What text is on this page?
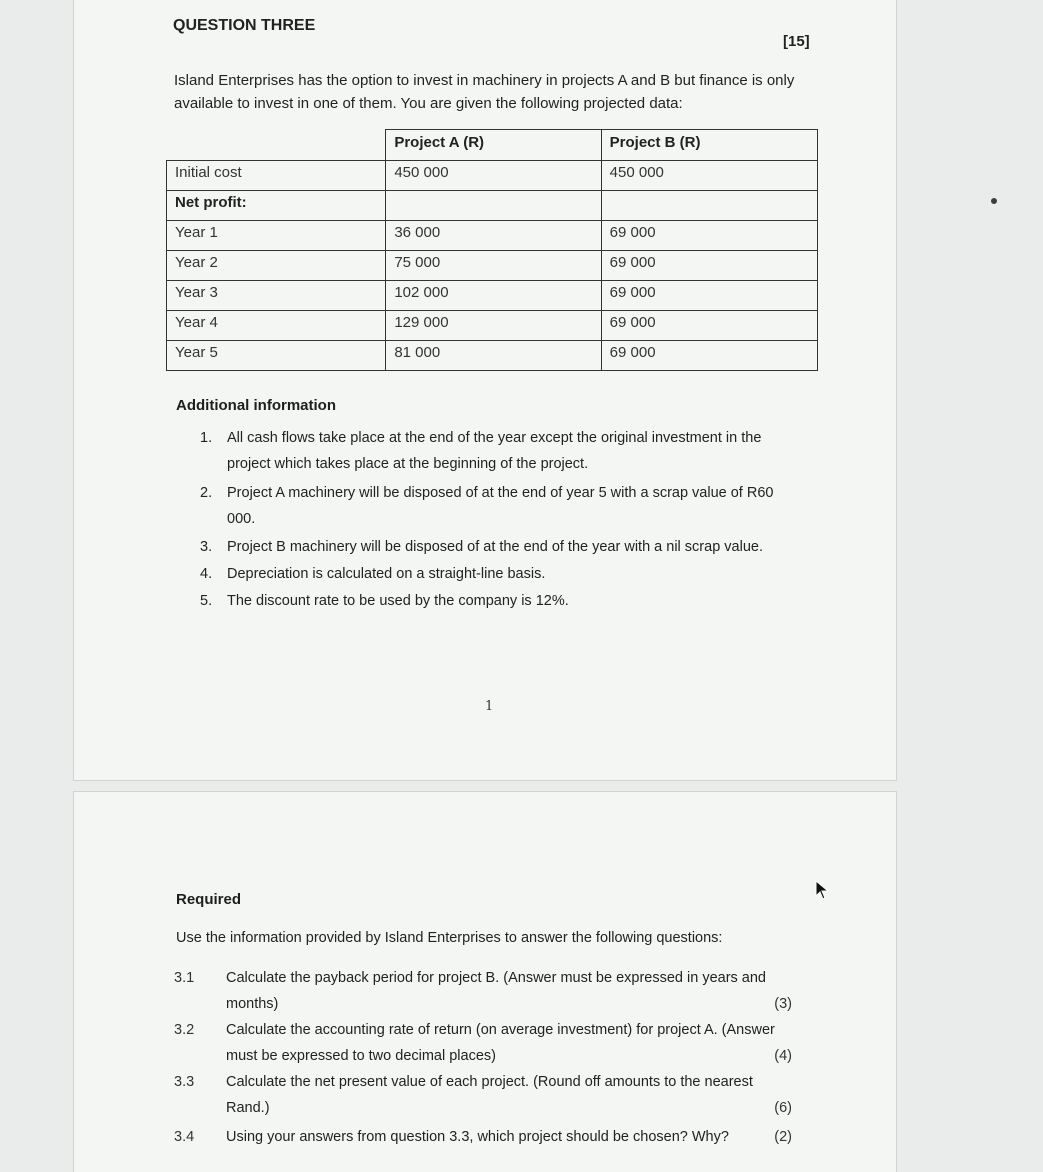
QUESTION THREE
[15]

Island Enterprises has the option to invest in machinery in projects A and B but finance is only available to invest in one of them. You are given the following projected data:

	Project A (R)	Project B (R)
Initial cost	450 000	450 000
Net profit:		
Year 1	36 000	69 000
Year 2	75 000	69 000
Year 3	102 000	69 000
Year 4	129 000	69 000
Year 5	81 000	69 000
Additional information
1. All cash flows take place at the end of the year except the original investment in the project which takes place at the beginning of the project.
2. Project A machinery will be disposed of at the end of year 5 with a scrap value of R60 000.
3. Project B machinery will be disposed of at the end of the year with a nil scrap value.
4. Depreciation is calculated on a straight-line basis.
5. The discount rate to be used by the company is 12%.
1
Required
Use the information provided by Island Enterprises to answer the following questions:
3.1 Calculate the payback period for project B. (Answer must be expressed in years and months)	(3)
3.2 Calculate the accounting rate of return (on average investment) for project A. (Answer must be expressed to two decimal places)	(4)
3.3 Calculate the net present value of each project. (Round off amounts to the nearest Rand.)	(6)
3.4 Using your answers from question 3.3, which project should be chosen? Why?	(2)
